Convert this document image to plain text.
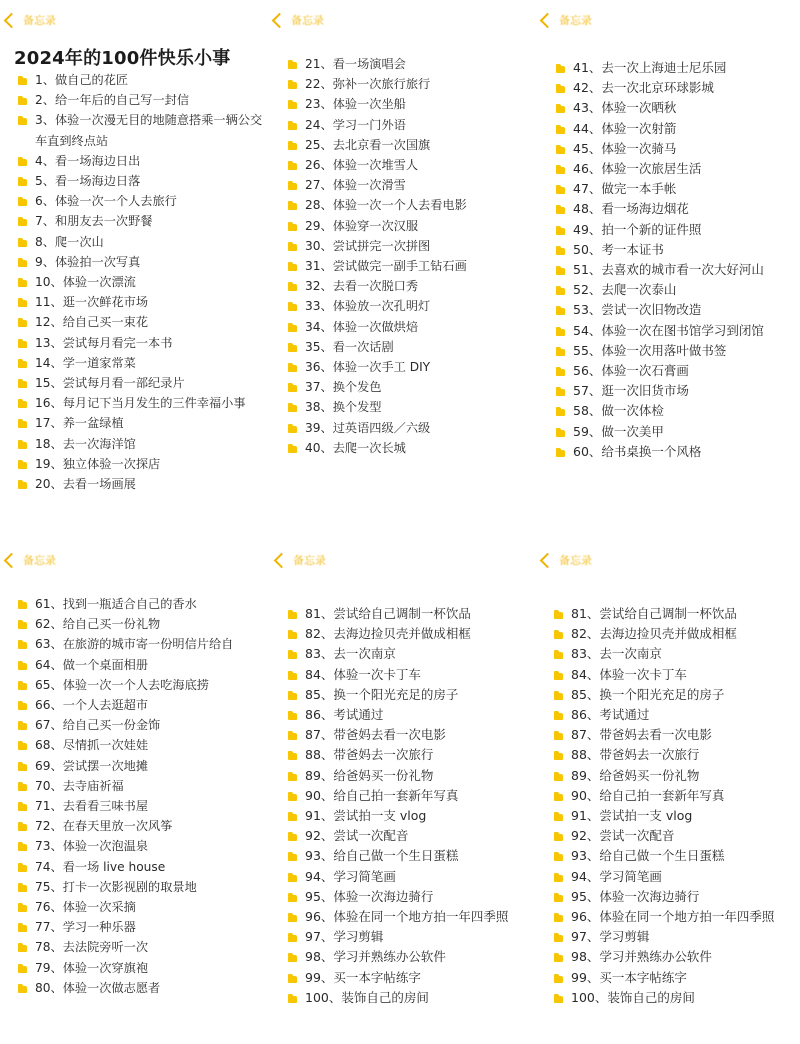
备忘录
2024年的100件快乐小事
1、做自己的花匠
2、给一年后的自己写一封信
3、体验一次漫无目的地随意搭乘一辆公交车直到终点站
4、看一场海边日出
5、看一场海边日落
6、体验一次一个人去旅行
7、和朋友去一次野餐
8、爬一次山
9、体验拍一次写真
10、体验一次漂流
11、逛一次鲜花市场
12、给自己买一束花
13、尝试每月看完一本书
14、学一道家常菜
15、尝试每月看一部纪录片
16、每月记下当月发生的三件幸福小事
17、养一盆绿植
18、去一次海洋馆
19、独立体验一次探店
20、去看一场画展
备忘录
21、看一场演唱会
22、弥补一次旅行旅行
23、体验一次坐船
24、学习一门外语
25、去北京看一次国旗
26、体验一次堆雪人
27、体验一次滑雪
28、体验一次一个人去看电影
29、体验穿一次汉服
30、尝试拼完一次拼图
31、尝试做完一副手工钻石画
32、去看一次脱口秀
33、体验放一次孔明灯
34、体验一次做烘焙
35、看一次话剧
36、体验一次手工 DIY
37、换个发色
38、换个发型
39、过英语四级／六级
40、去爬一次长城
备忘录
41、去一次上海迪士尼乐园
42、去一次北京环球影城
43、体验一次晒秋
44、体验一次射箭
45、体验一次骑马
46、体验一次旅居生活
47、做完一本手帐
48、看一场海边烟花
49、拍一个新的证件照
50、考一本证书
51、去喜欢的城市看一次大好河山
52、去爬一次泰山
53、尝试一次旧物改造
54、体验一次在图书馆学习到闭馆
55、体验一次用落叶做书签
56、体验一次石膏画
57、逛一次旧货市场
58、做一次体检
59、做一次美甲
60、给书桌换一个风格
备忘录
61、找到一瓶适合自己的香水
62、给自己买一份礼物
63、在旅游的城市寄一份明信片给自
64、做一个桌面相册
65、体验一次一个人去吃海底捞
66、一个人去逛超市
67、给自己买一份金饰
68、尽情抓一次娃娃
69、尝试摆一次地摊
70、去寺庙祈福
71、去看看三味书屋
72、在春天里放一次风筝
73、体验一次泡温泉
74、看一场 live house
75、打卡一次影视剧的取景地
76、体验一次采摘
77、学习一种乐器
78、去法院旁听一次
79、体验一次穿旗袍
80、体验一次做志愿者
备忘录
81、尝试给自己调制一杯饮品
82、去海边捡贝壳并做成相框
83、去一次南京
84、体验一次卡丁车
85、换一个阳光充足的房子
86、考试通过
87、带爸妈去看一次电影
88、带爸妈去一次旅行
89、给爸妈买一份礼物
90、给自己拍一套新年写真
91、尝试拍一支 vlog
92、尝试一次配音
93、给自己做一个生日蛋糕
94、学习简笔画
95、体验一次海边骑行
96、体验在同一个地方拍一年四季照
97、学习剪辑
98、学习并熟练办公软件
99、买一本字帖练字
100、装饰自己的房间
备忘录
81、尝试给自己调制一杯饮品
82、去海边捡贝壳并做成相框
83、去一次南京
84、体验一次卡丁车
85、换一个阳光充足的房子
86、考试通过
87、带爸妈去看一次电影
88、带爸妈去一次旅行
89、给爸妈买一份礼物
90、给自己拍一套新年写真
91、尝试拍一支 vlog
92、尝试一次配音
93、给自己做一个生日蛋糕
94、学习简笔画
95、体验一次海边骑行
96、体验在同一个地方拍一年四季照
97、学习剪辑
98、学习并熟练办公软件
99、买一本字帖练字
100、装饰自己的房间
